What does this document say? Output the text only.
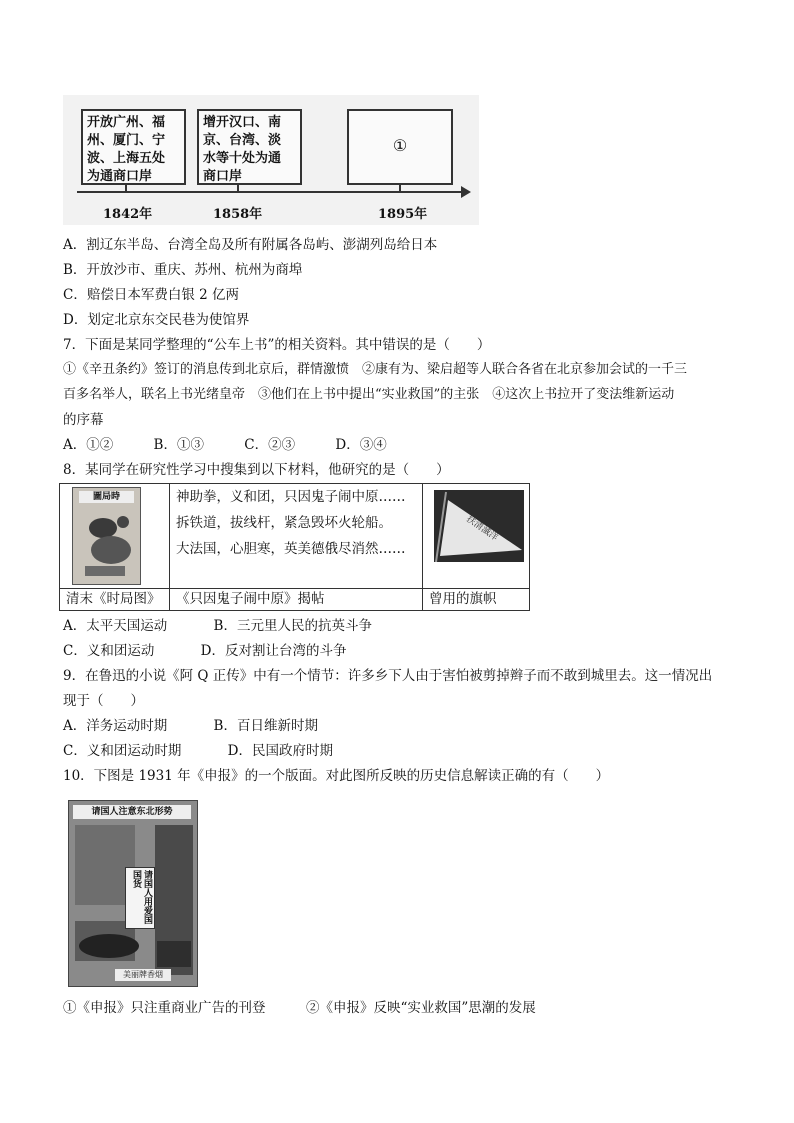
开放广州、福
州、厦门、宁
波、上海五处
为通商口岸
增开汉口、南
京、台湾、淡
水等十处为通
商口岸
①
1842年	1858年	1895年
A．割辽东半岛、台湾全岛及所有附属各岛屿、澎湖列岛给日本
B．开放沙市、重庆、苏州、杭州为商埠
C．赔偿日本军费白银 2 亿两
D．划定北京东交民巷为使馆界
7．下面是某同学整理的“公车上书”的相关资料。其中错误的是（　　）
①《辛丑条约》签订的消息传到北京后，群情激愤　②康有为、梁启超等人联合各省在北京参加会试的一千三
百多名举人，联名上书光绪皇帝　③他们在上书中提出“实业救国”的主张　④这次上书拉开了变法维新运动
的序幕
A．①②	B．①③	C．②③	D．③④
8．某同学在研究性学习中搜集到以下材料，他研究的是（　　）

	神助拳，义和团，只因鬼子闹中原……
拆铁道，拔线杆，紧急毁坏火轮船。
大法国，心胆寒，英美德俄尽消然……	

清末《时局图》	《只因鬼子闹中原》揭帖	曾用的旗帜
圖局時
扶清滅洋
A．太平天国运动	B．三元里人民的抗英斗争
C．义和团运动	D．反对割让台湾的斗争
9．在鲁迅的小说《阿 Q 正传》中有一个情节：许多乡下人由于害怕被剪掉辫子而不敢到城里去。这一情况出
现于（　　）
A．洋务运动时期	B．百日维新时期
C．义和团运动时期	D．民国政府时期
10．下图是 1931 年《申报》的一个版面。对此图所反映的历史信息解读正确的有（　　）
请国人注意东北形势
请国人用爱国国货
美丽牌香烟
①《申报》只注重商业广告的刊登　　　②《申报》反映“实业救国”思潮的发展
